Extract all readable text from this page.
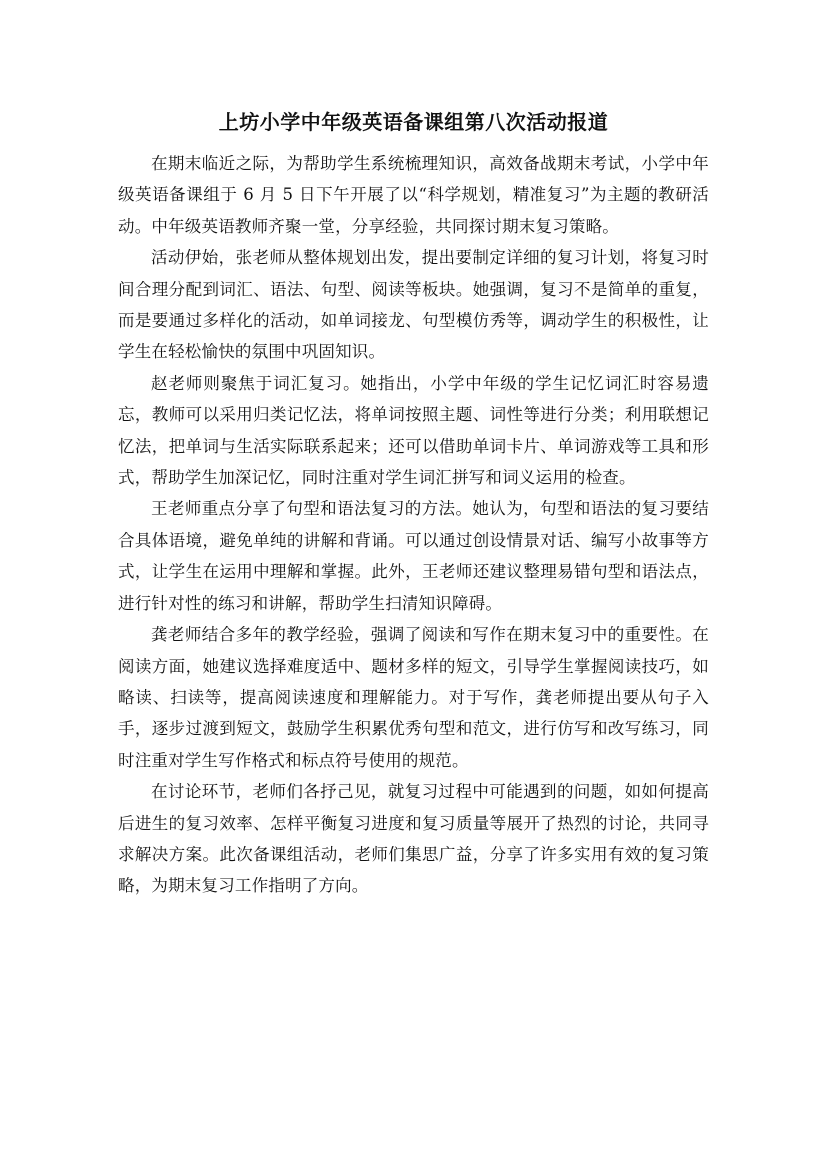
上坊小学中年级英语备课组第八次活动报道

在期末临近之际，为帮助学生系统梳理知识，高效备战期末考试，小学中年级英语备课组于 6 月 5 日下午开展了以“科学规划，精准复习”为主题的教研活动。中年级英语教师齐聚一堂，分享经验，共同探讨期末复习策略。

活动伊始，张老师从整体规划出发，提出要制定详细的复习计划，将复习时间合理分配到词汇、语法、句型、阅读等板块。她强调，复习不是简单的重复，而是要通过多样化的活动，如单词接龙、句型模仿秀等，调动学生的积极性，让学生在轻松愉快的氛围中巩固知识。

赵老师则聚焦于词汇复习。她指出，小学中年级的学生记忆词汇时容易遗忘，教师可以采用归类记忆法，将单词按照主题、词性等进行分类；利用联想记忆法，把单词与生活实际联系起来；还可以借助单词卡片、单词游戏等工具和形式，帮助学生加深记忆，同时注重对学生词汇拼写和词义运用的检查。

王老师重点分享了句型和语法复习的方法。她认为，句型和语法的复习要结合具体语境，避免单纯的讲解和背诵。可以通过创设情景对话、编写小故事等方式，让学生在运用中理解和掌握。此外，王老师还建议整理易错句型和语法点，进行针对性的练习和讲解，帮助学生扫清知识障碍。

龚老师结合多年的教学经验，强调了阅读和写作在期末复习中的重要性。在阅读方面，她建议选择难度适中、题材多样的短文，引导学生掌握阅读技巧，如略读、扫读等，提高阅读速度和理解能力。对于写作，龚老师提出要从句子入手，逐步过渡到短文，鼓励学生积累优秀句型和范文，进行仿写和改写练习，同时注重对学生写作格式和标点符号使用的规范。

在讨论环节，老师们各抒己见，就复习过程中可能遇到的问题，如如何提高后进生的复习效率、怎样平衡复习进度和复习质量等展开了热烈的讨论，共同寻求解决方案。此次备课组活动，老师们集思广益，分享了许多实用有效的复习策略，为期末复习工作指明了方向。
